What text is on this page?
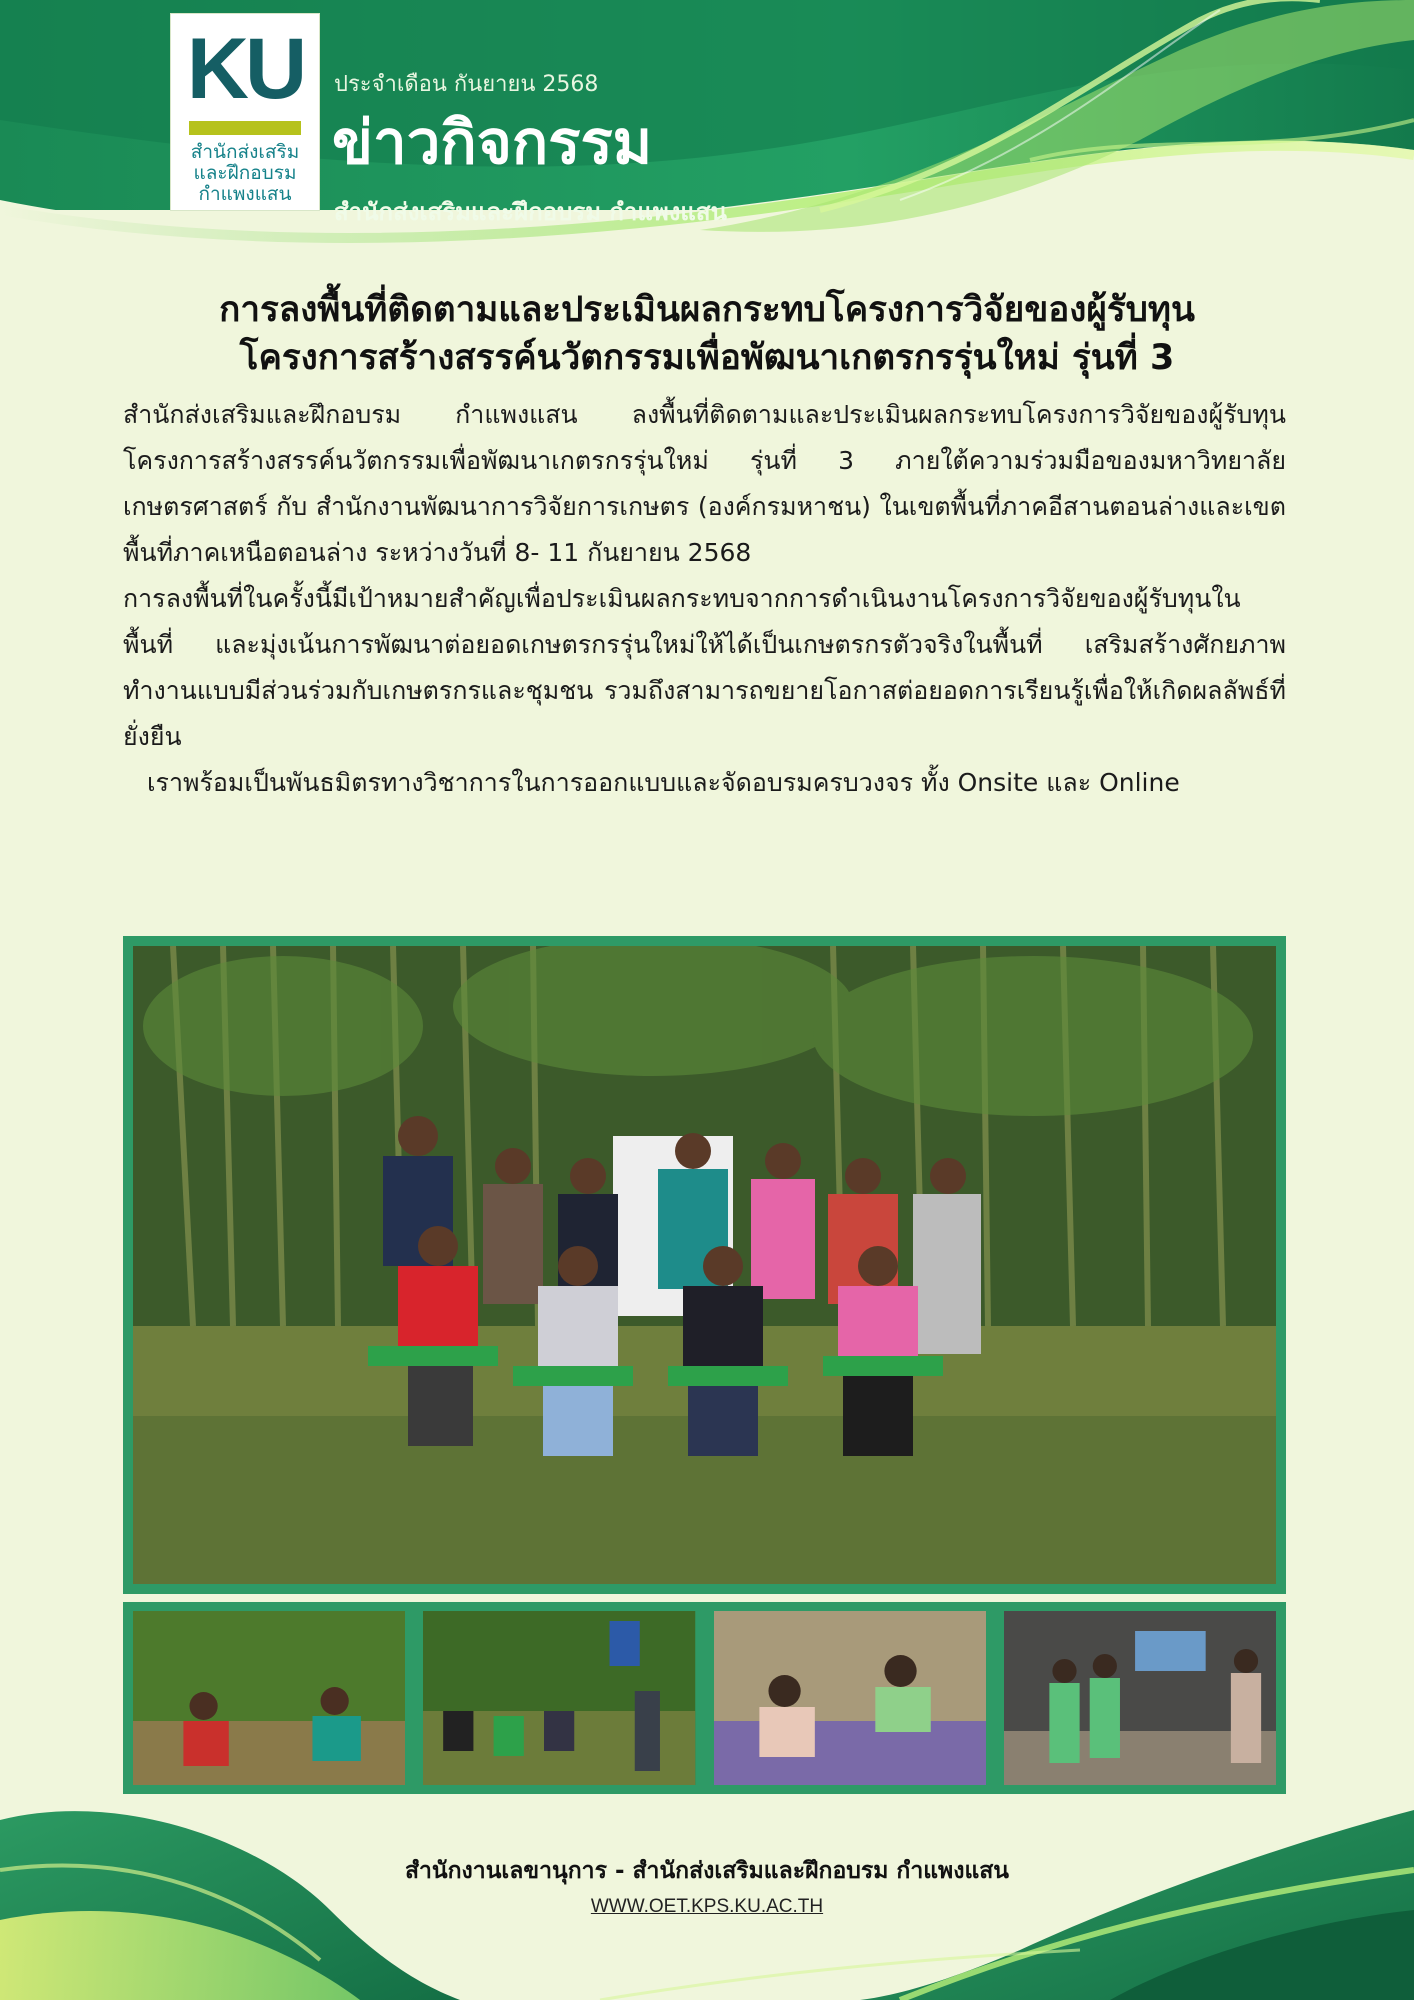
KU
สำนักส่งเสริม
และฝึกอบรม
กำแพงแสน
ประจำเดือน กันยายน 2568
ข่าวกิจกรรม
สำนักส่งเสริมและฝึกอบรม กำแพงแสน
การลงพื้นที่ติดตามและประเมินผลกระทบโครงการวิจัยของผู้รับทุน
โครงการสร้างสรรค์นวัตกรรมเพื่อพัฒนาเกตรกรรุ่นใหม่ รุ่นที่ 3

สำนักส่งเสริมและฝึกอบรม กำแพงแสน ลงพื้นที่ติดตามและประเมินผลกระทบโครงการวิจัยของผู้รับทุนโครงการสร้างสรรค์นวัตกรรมเพื่อพัฒนาเกตรกรรุ่นใหม่ รุ่นที่ 3 ภายใต้ความร่วมมือของมหาวิทยาลัยเกษตรศาสตร์ กับ สำนักงานพัฒนาการวิจัยการเกษตร (องค์กรมหาชน) ในเขตพื้นที่ภาคอีสานตอนล่างและเขตพื้นที่ภาคเหนือตอนล่าง ระหว่างวันที่ 8- 11 กันยายน 2568

การลงพื้นที่ในครั้งนี้มีเป้าหมายสำคัญเพื่อประเมินผลกระทบจากการดำเนินงานโครงการวิจัยของผู้รับทุนในพื้นที่ และมุ่งเน้นการพัฒนาต่อยอดเกษตรกรรุ่นใหม่ให้ได้เป็นเกษตรกรตัวจริงในพื้นที่ เสริมสร้างศักยภาพทำงานแบบมีส่วนร่วมกับเกษตรกรและชุมชน รวมถึงสามารถขยายโอกาสต่อยอดการเรียนรู้เพื่อให้เกิดผลลัพธ์ที่ยั่งยืน

เราพร้อมเป็นพันธมิตรทางวิชาการในการออกแบบและจัดอบรมครบวงจร ทั้ง Onsite และ Online

สำนักงานเลขานุการ - สำนักส่งเสริมและฝึกอบรม กำแพงแสน
WWW.OET.KPS.KU.AC.TH
